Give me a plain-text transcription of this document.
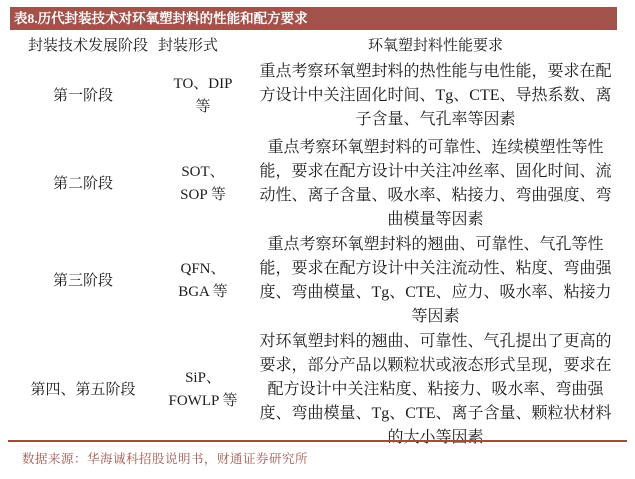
表8.历代封装技术对环氧塑封料的性能和配方要求
封装技术发展阶段 封装形式	环氧塑封料性能要求
第一阶段
TO、DIP 等
重点考察环氧塑封料的热性能与电性能，要求在配方设计中关注固化时间、Tg、CTE、导热系数、离子含量、气孔率等因素
第二阶段
SOT、SOP 等
重点考察环氧塑封料的可靠性、连续模塑性等性能，要求在配方设计中关注冲丝率、固化时间、流动性、离子含量、吸水率、粘接力、弯曲强度、弯曲模量等因素
第三阶段
QFN、BGA 等
重点考察环氧塑封料的翘曲、可靠性、气孔等性能，要求在配方设计中关注流动性、粘度、弯曲强度、弯曲模量、Tg、CTE、应力、吸水率、粘接力等因素
第四、第五阶段
SiP、FOWLP 等
对环氧塑封料的翘曲、可靠性、气孔提出了更高的要求，部分产品以颗粒状或液态形式呈现，要求在配方设计中关注粘度、粘接力、吸水率、弯曲强度、弯曲模量、Tg、CTE、离子含量、颗粒状材料的大小等因素
数据来源：华海诚科招股说明书，财通证券研究所
